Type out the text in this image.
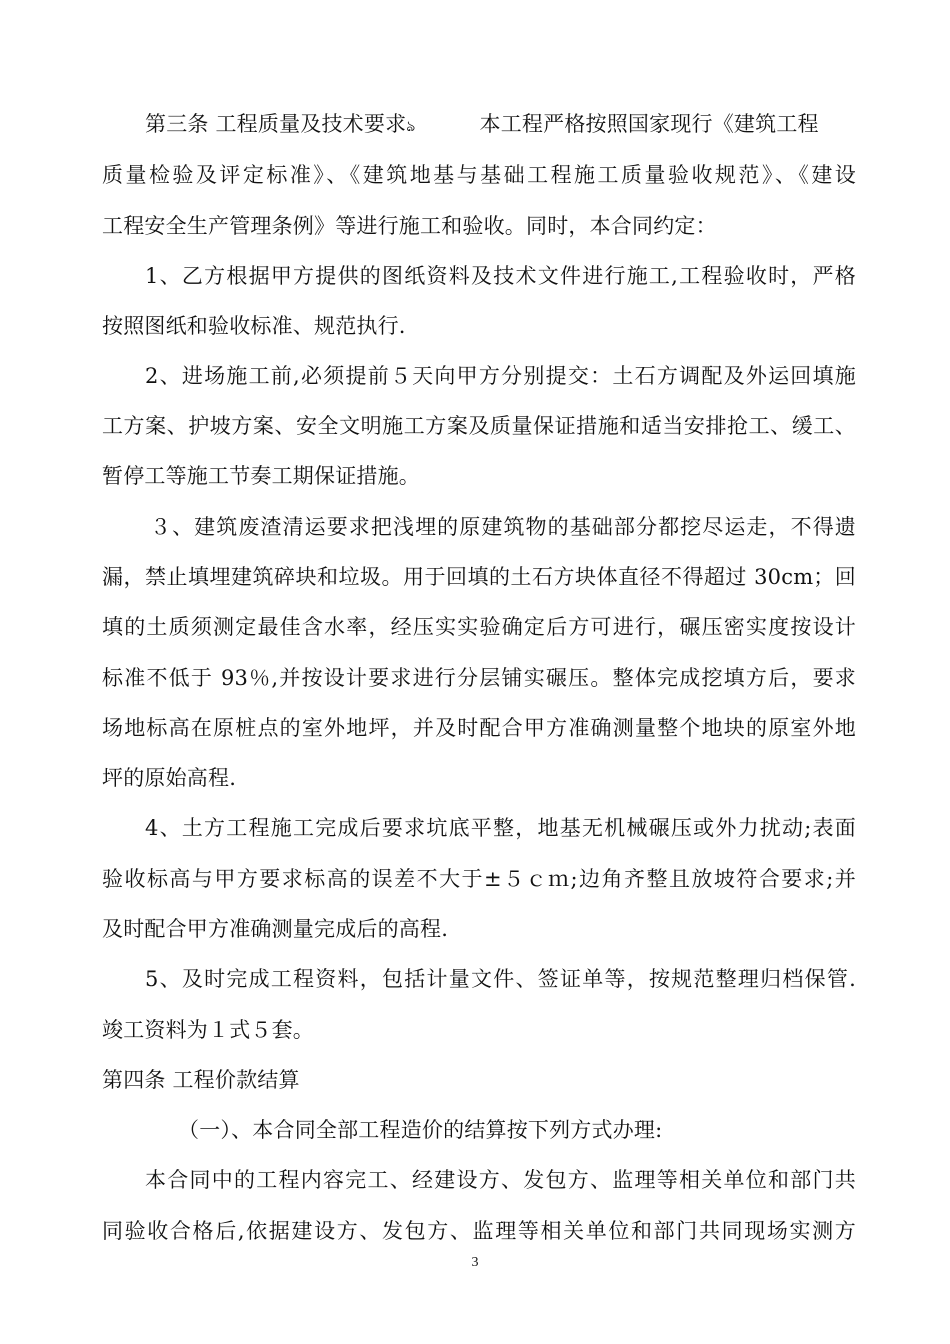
第三条 工程质量及技术要求﻿ঌ	本工程严格按照国家现行《建筑工程
质量检验及评定标准》、《建筑地基与基础工程施工质量验收规范》、《建设
工程安全生产管理条例》等进行施工和验收。同时，本合同约定：
1、乙方根据甲方提供的图纸资料及技术文件进行施工,工程验收时，严格
按照图纸和验收标准、规范执行.
2、进场施工前,必须提前５天向甲方分别提交：土石方调配及外运回填施
工方案、护坡方案、安全文明施工方案及质量保证措施和适当安排抢工、缓工、
暂停工等施工节奏工期保证措施。
３、建筑废渣清运要求把浅埋的原建筑物的基础部分都挖尽运走，不得遗
漏，禁止填埋建筑碎块和垃圾。用于回填的土石方块体直径不得超过 30cm；回
填的土质须测定最佳含水率，经压实实验确定后方可进行，碾压密实度按设计
标准不低于 93％,并按设计要求进行分层铺实碾压。整体完成挖填方后，要求
场地标高在原桩点的室外地坪，并及时配合甲方准确测量整个地块的原室外地
坪的原始高程.
4、土方工程施工完成后要求坑底平整，地基无机械碾压或外力扰动;表面
验收标高与甲方要求标高的误差不大于±５ｃｍ;边角齐整且放坡符合要求;并
及时配合甲方准确测量完成后的高程.
5、及时完成工程资料，包括计量文件、签证单等，按规范整理归档保管.
竣工资料为１式５套。
第四条 工程价款结算
（一）、本合同全部工程造价的结算按下列方式办理:
本合同中的工程内容完工、经建设方、发包方、监理等相关单位和部门共
同验收合格后,依据建设方、发包方、监理等相关单位和部门共同现场实测方
3
